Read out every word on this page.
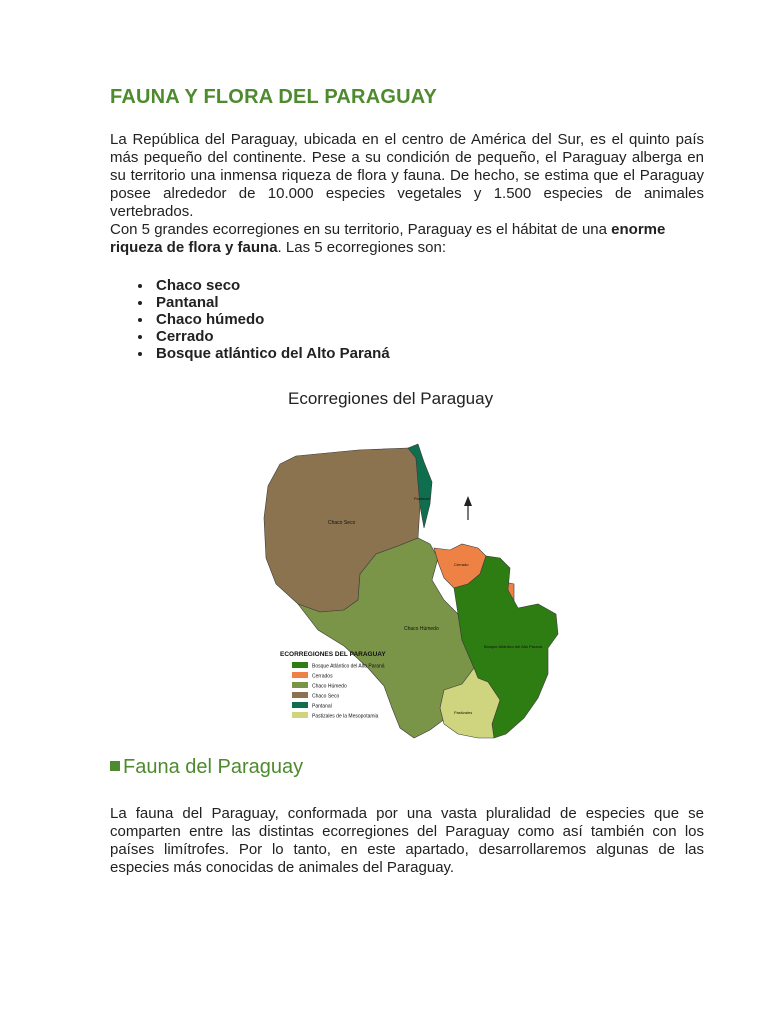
FAUNA Y FLORA DEL PARAGUAY

La República del Paraguay, ubicada en el centro de América del Sur, es el quinto país más pequeño del continente. Pese a su condición de pequeño, el Paraguay alberga en su territorio una inmensa riqueza de flora y fauna. De hecho, se estima que el Paraguay posee alrededor de 10.000 especies vegetales y 1.500 especies de animales vertebrados.

Con 5 grandes ecorregiones en su territorio, Paraguay es el hábitat de una enorme riqueza de flora y fauna. Las 5 ecorregiones son:

Chaco seco
Pantanal
Chaco húmedo
Cerrado
Bosque atlántico del Alto Paraná
Ecorregiones del Paraguay
Chaco Seco
Chaco Húmedo
Pantanal
Cerrado
Bosque Atlántico del Alto Paraná
Pastizales
ECORREGIONES DEL PARAGUAY
Bosque Atlántico del Alto Paraná
Cerrados
Chaco Húmedo
Chaco Seco
Pantanal
Pastizales de la Mesopotamia
Fauna del Paraguay

La fauna del Paraguay, conformada por una vasta pluralidad de especies que se comparten entre las distintas ecorregiones del Paraguay como así también con los países limítrofes. Por lo tanto, en este apartado, desarrollaremos algunas de las especies más conocidas de animales del Paraguay.
